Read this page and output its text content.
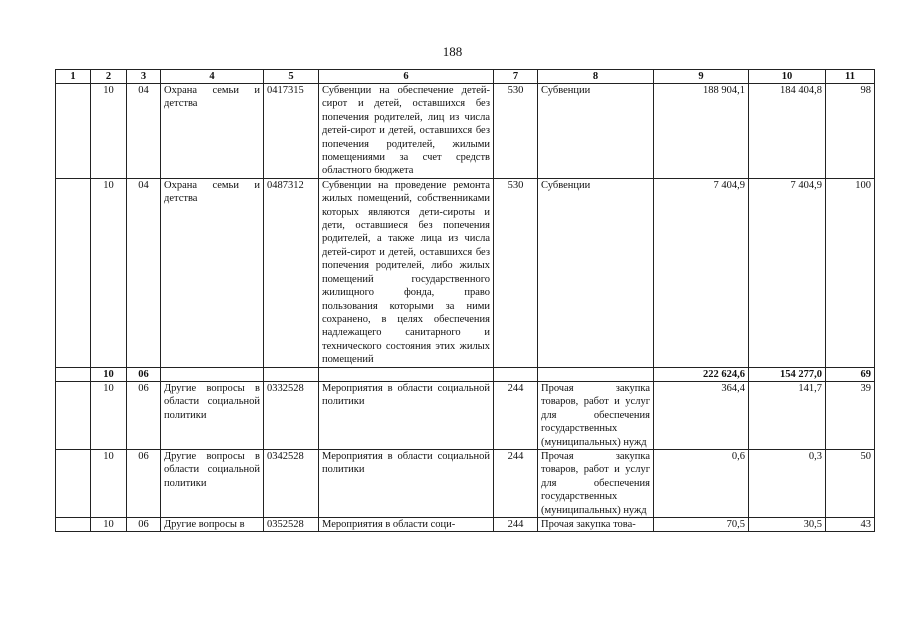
188
1	2	3	4	5	6	7	8	9	10	11
	10	04	Охрана семьи и детства	0417315	Субвенции на обеспечение детей-сирот и детей, оставшихся без попечения родителей, лиц из числа детей-сирот и детей, оставшихся без попечения родителей, жилыми помещениями за счет средств областного бюджета	530	Субвенции	188 904,1	184 404,8	98
	10	04	Охрана семьи и детства	0487312	Субвенции на проведение ремонта жилых помещений, собственниками которых являются дети-сироты и дети, оставшиеся без попечения родителей, а также лица из числа детей-сирот и детей, оставшихся без попечения родителей, либо жилых помещений государственного жилищного фонда, право пользования которыми за ними сохранено, в целях обеспечения надлежащего санитарного и технического состояния этих жилых помещений	530	Субвенции	7 404,9	7 404,9	100
	10	06						222 624,6	154 277,0	69
	10	06	Другие вопросы в области социальной политики	0332528	Мероприятия в области социальной политики	244	Прочая закупка товаров, работ и услуг для обеспечения государственных (муниципальных) нужд	364,4	141,7	39
	10	06	Другие вопросы в области социальной политики	0342528	Мероприятия в области социальной политики	244	Прочая закупка товаров, работ и услуг для обеспечения государственных (муниципальных) нужд	0,6	0,3	50
	10	06	Другие вопросы в	0352528	Мероприятия в области соци-	244	Прочая закупка това-	70,5	30,5	43
